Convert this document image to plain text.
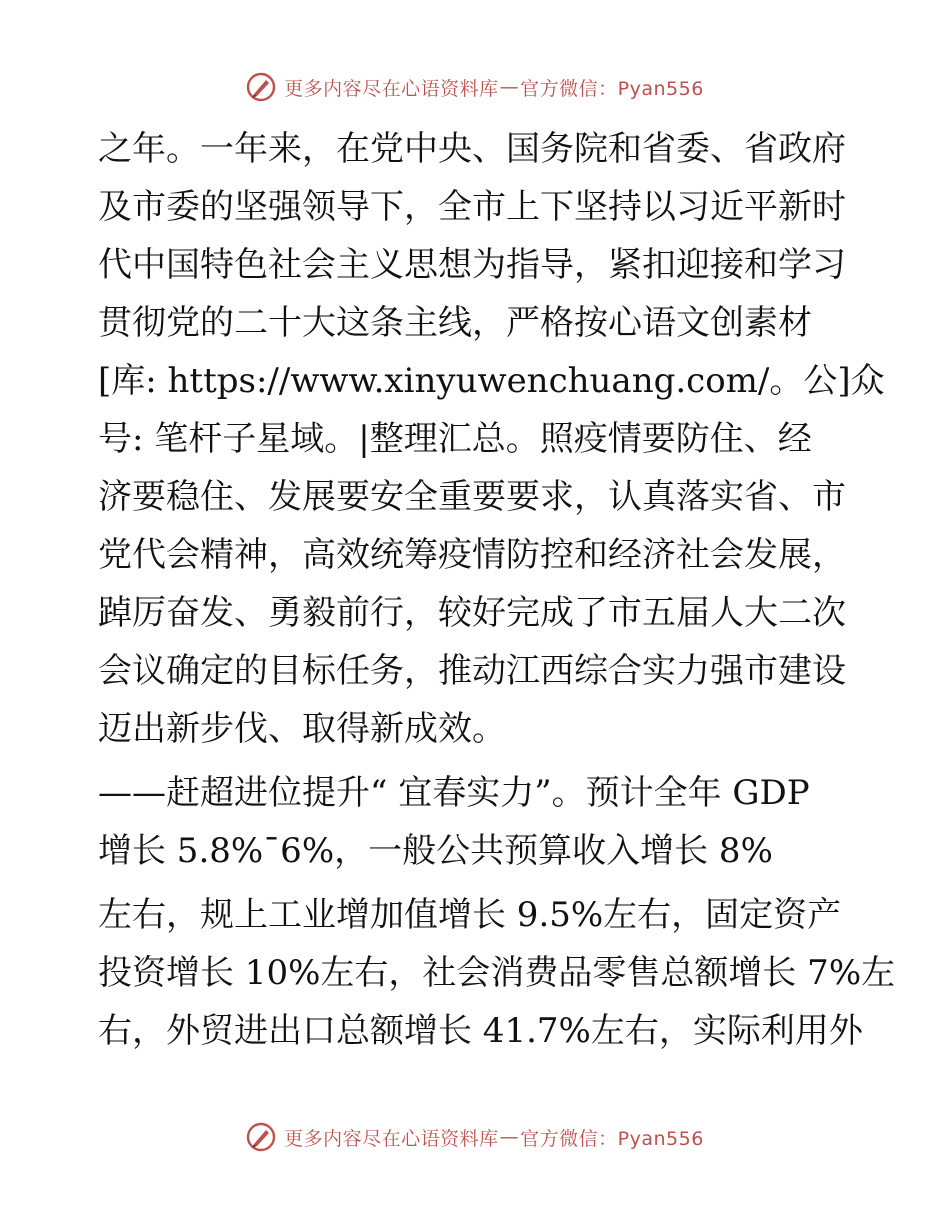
更多内容尽在心语资料库 — 官方微信：Pyan556
之年。一年来，在党中央、国务院和省委、省政府
及市委的坚强领导下，全市上下坚持以习近平新时
代中国特色社会主义思想为指导，紧扣迎接和学习
贯彻党的二十大这条主线，严格按心语文创素材
[库: https://www.xinyuwenchuang.com/。公]众
号: 笔杆子星域。|整理汇总。照疫情要防住、经
济要稳住、发展要安全重要要求，认真落实省、市
党代会精神，高效统筹疫情防控和经济社会发展，
踔厉奋发、勇毅前行，较好完成了市五届人大二次
会议确定的目标任务，推动江西综合实力强市建设
迈出新步伐、取得新成效。
——赶超进位提升“ 宜春实力”。预计全年 GDP
增长 5.8%¯6%，一般公共预算收入增长 8%
左右，规上工业增加值增长 9.5%左右，固定资产
投资增长 10%左右，社会消费品零售总额增长 7%左
右，外贸进出口总额增长 41.7%左右，实际利用外
更多内容尽在心语资料库 — 官方微信：Pyan556
